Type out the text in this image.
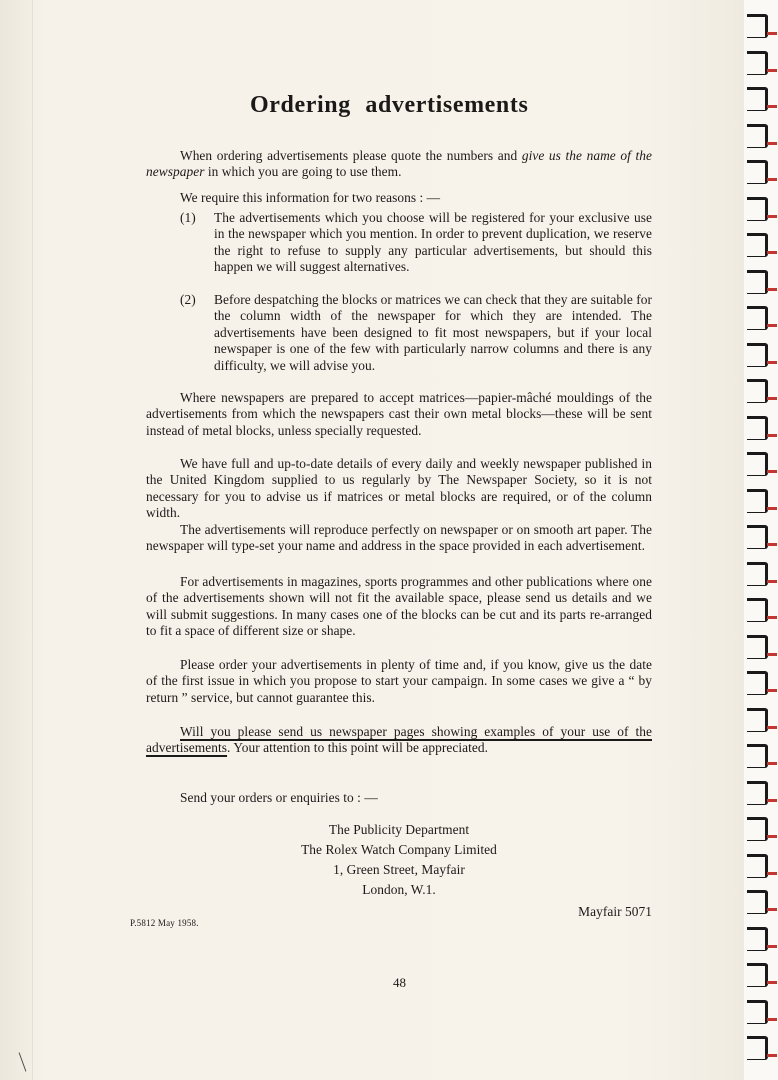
Ordering advertisements

When ordering advertisements please quote the numbers and give us the name of the newspaper in which you are going to use them.

We require this information for two reasons : —

(1) The advertisements which you choose will be registered for your exclusive use in the newspaper which you mention. In order to prevent duplication, we reserve the right to refuse to supply any particular advertisements, but should this happen we will suggest alternatives.
(2) Before despatching the blocks or matrices we can check that they are suitable for the column width of the newspaper for which they are intended. The advertisements have been designed to fit most newspapers, but if your local newspaper is one of the few with particularly narrow columns and there is any difficulty, we will advise you.

Where newspapers are prepared to accept matrices—papier-mâché mouldings of the advertisements from which the newspapers cast their own metal blocks—these will be sent instead of metal blocks, unless specially requested.

We have full and up-to-date details of every daily and weekly newspaper published in the United Kingdom supplied to us regularly by The Newspaper Society, so it is not necessary for you to advise us if matrices or metal blocks are required, or of the column width.

The advertisements will reproduce perfectly on newspaper or on smooth art paper. The newspaper will type-set your name and address in the space provided in each advertisement.

For advertisements in magazines, sports programmes and other publications where one of the advertisements shown will not fit the available space, please send us details and we will submit suggestions. In many cases one of the blocks can be cut and its parts re-arranged to fit a space of different size or shape.

Please order your advertisements in plenty of time and, if you know, give us the date of the first issue in which you propose to start your campaign. In some cases we give a “ by return ” service, but cannot guarantee this.

Will you please send us newspaper pages showing examples of your use of the advertisements. Your attention to this point will be appreciated.

Send your orders or enquiries to : —

The Publicity Department
The Rolex Watch Company Limited
1, Green Street, Mayfair
London, W.1.
Mayfair 5071
P.5812 May 1958.
48
